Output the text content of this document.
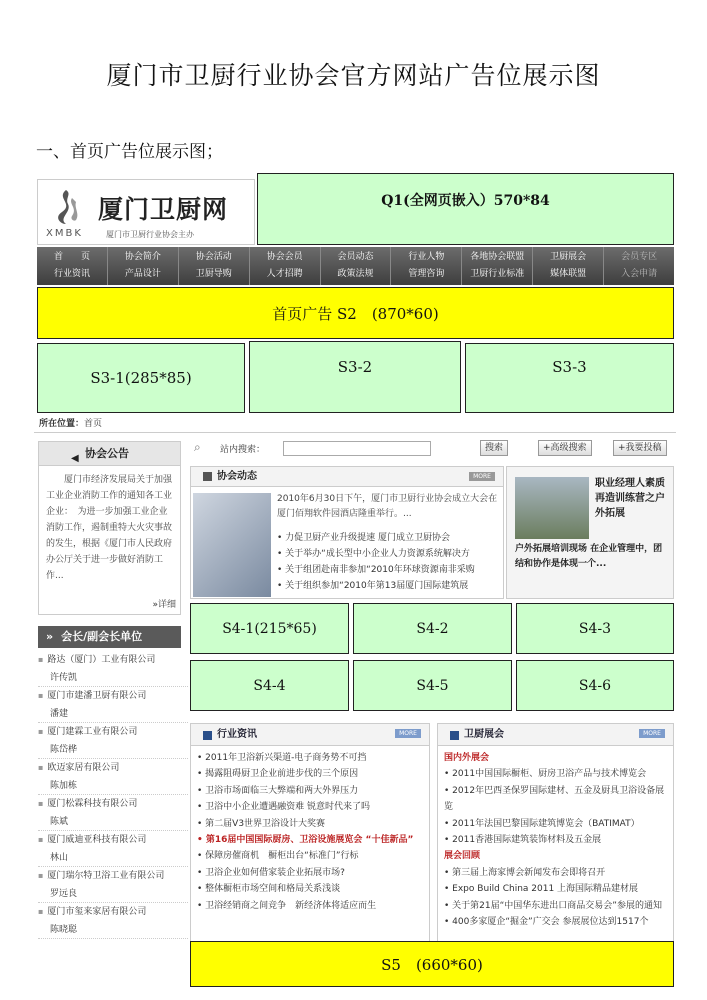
厦门市卫厨行业协会官方网站广告位展示图
一、首页广告位展示图；
厦门卫厨网
XMBK	厦门市卫厨行业协会主办
Q1(全网页嵌入）570*84
首　　页
行业资讯
协会简介
产品设计
协会活动
卫厨导购
协会会员
人才招聘
会员动态
政策法规
行业人物
管理咨询
各地协会联盟
卫厨行业标准
卫厨展会
媒体联盟
会员专区
入会申请
首页广告 S2　(870*60)
S3-1(285*85)
S3-2	S3-3
所在位置：首页
◀ 协会公告
厦门市经济发展局关于加强工业企业消防工作的通知各工业企业：　为进一步加强工业企业消防工作，遏制重特大火灾事故的发生，根据《厦门市人民政府办公厅关于进一步做好消防工作...
»详细
» 会长/副会长单位
▪ 路达（厦门）工业有限公司
许传凯
▪ 厦门市建潘卫厨有限公司
潘建
▪ 厦门建霖工业有限公司
陈岱桦
▪ 欧迈家居有限公司
陈加栋
▪ 厦门松霖科技有限公司
陈斌
▪ 厦门威迪亚科技有限公司
林山
▪ 厦门瑞尔特卫浴工业有限公司
罗远良
▪ 厦门市玺来家居有限公司
陈晓聪
⌕ 站内搜索：	搜索	+高级搜索	+我要投稿
协会动态	MORE
2010年6月30日下午，厦门市卫厨行业协会成立大会在厦门佰翔软件园酒店隆重举行。...
• 力促卫厨产业升级提速 厦门成立卫厨协会
• 关于举办“成长型中小企业人力资源系统解决方
• 关于组团赴南非参加“2010年环球资源南非采购
• 关于组织参加“2010年第13届厦门国际建筑展
职业经理人素质再造训练营之户外拓展
户外拓展培训现场 在企业管理中，团结和协作是体现一个...
S4-1(215*65)	S4-2	S4-3
S4-4	S4-5	S4-6
行业资讯	MORE
• 2011年卫浴新兴渠道-电子商务势不可挡
• 揭露阻碍厨卫企业前进步伐的三个原因
• 卫浴市场面临三大弊端和两大外界压力
• 卫浴中小企业遭遇融资难 锐意时代来了吗
• 第二届V3世界卫浴设计大奖赛
• 第16届中国国际厨房、卫浴设施展览会 “十佳新品”
• 保障房催商机　橱柜出台“标准门”行标
• 卫浴企业如何借家装企业拓展市场?
• 整体橱柜市场空间和格局关系浅谈
• 卫浴经销商之间竞争　新经济体将适应而生
卫厨展会	MORE
国内外展会
• 2011中国国际橱柜、厨房卫浴产品与技术博览会
• 2012年巴西圣保罗国际建材、五金及厨具卫浴设备展览
• 2011年法国巴黎国际建筑博览会（BATIMAT）
• 2011香港国际建筑装饰材料及五金展
展会回顾
• 第三届上海家博会新闻发布会即将召开
• Expo Build China 2011 上海国际精品建材展
• 关于第21届“中国华东进出口商品交易会”参展的通知
• 400多家厦企“掘金”广交会 参展展位达到1517个
S5　(660*60)
